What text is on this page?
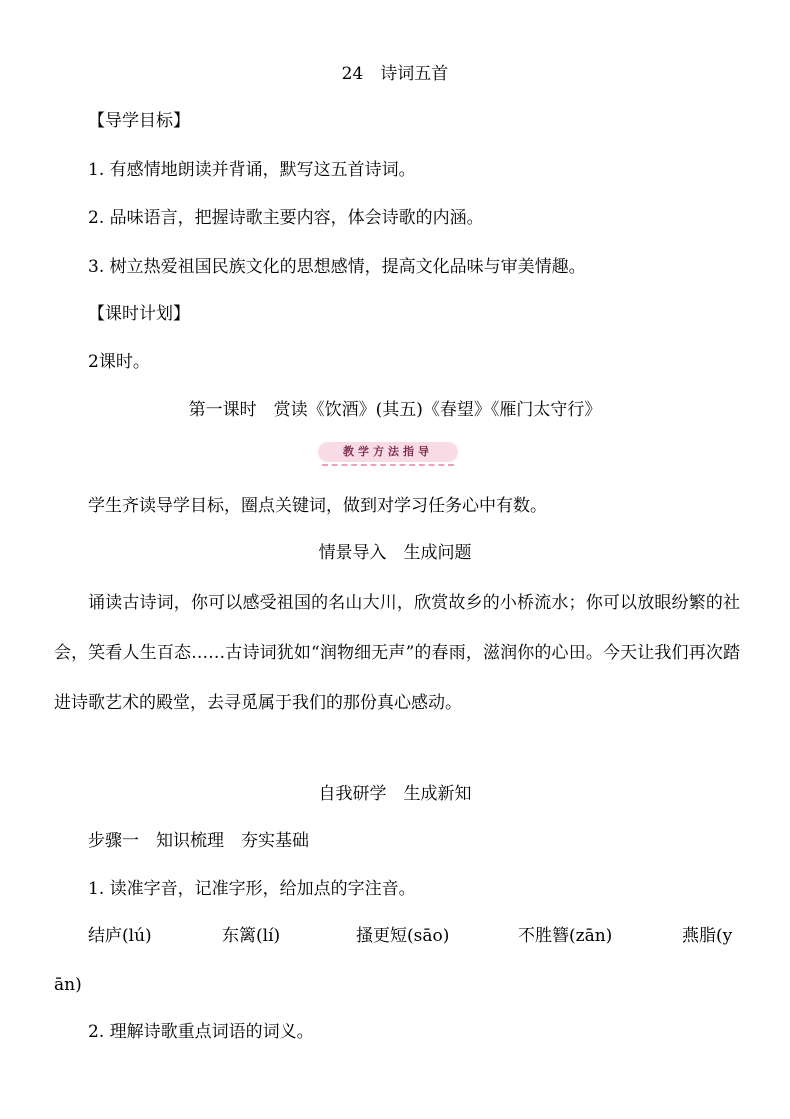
24　诗词五首
【导学目标】
1. 有感情地朗读并背诵，默写这五首诗词。
2. 品味语言，把握诗歌主要内容，体会诗歌的内涵。
3. 树立热爱祖国民族文化的思想感情，提高文化品味与审美情趣。
【课时计划】
2课时。
第一课时　赏读《饮酒》(其五)《春望》《雁门太守行》
教学方法指导
学生齐读导学目标，圈点关键词，做到对学习任务心中有数。
情景导入　生成问题
诵读古诗词，你可以感受祖国的名山大川，欣赏故乡的小桥流水；你可以放眼纷繁的社会，笑看人生百态……古诗词犹如“润物细无声”的春雨，滋润你的心田。今天让我们再次踏进诗歌艺术的殿堂，去寻觅属于我们的那份真心感动。
自我研学　生成新知
步骤一　知识梳理　夯实基础
1. 读准字音，记准字形，给加点的字注音。
结庐(lú)	东篱(lí)	搔更短(sāo)	不胜簪(zān)	燕脂(y
ān)
2. 理解诗歌重点词语的词义。
